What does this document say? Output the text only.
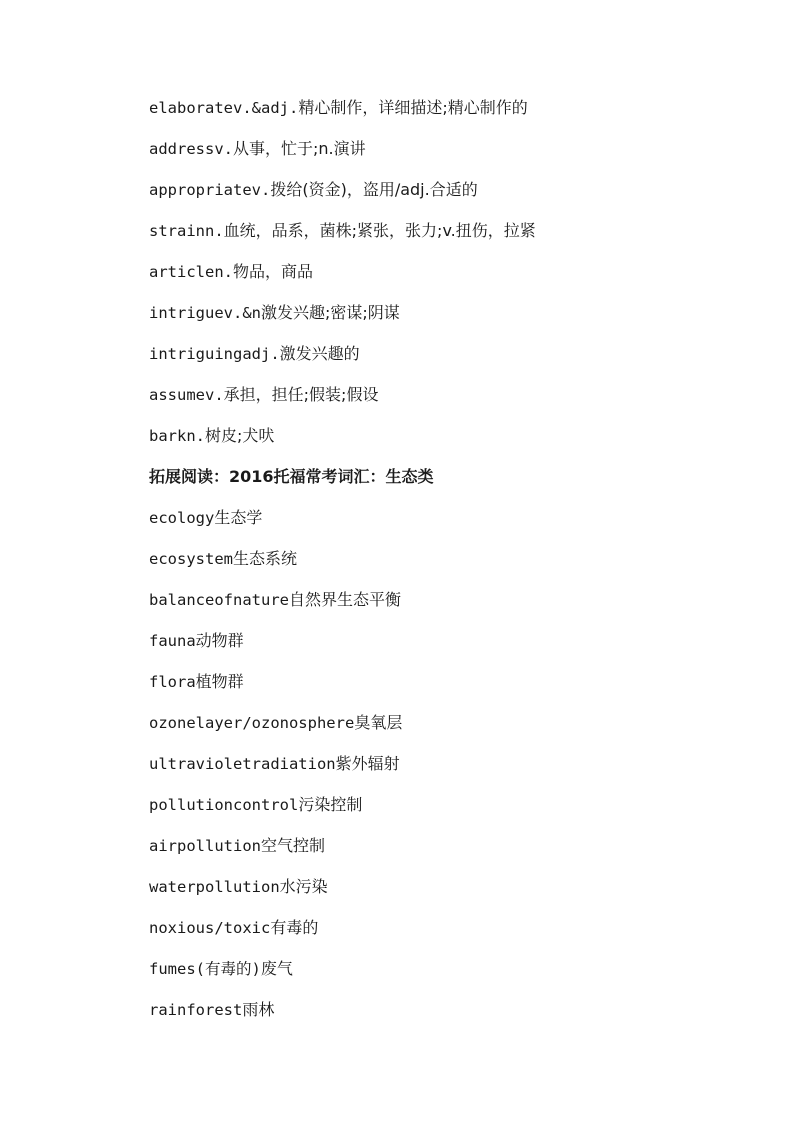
elaboratev.&adj.精心制作，详细描述;精心制作的
addressv.从事，忙于;n.演讲
appropriatev.拨给(资金)，盗用/adj.合适的
strainn.血统，品系，菌株;紧张，张力;v.扭伤，拉紧
articlen.物品，商品
intriguev.&n激发兴趣;密谋;阴谋
intriguingadj.激发兴趣的
assumev.承担，担任;假装;假设
barkn.树皮;犬吠
拓展阅读：2016托福常考词汇：生态类
ecology生态学
ecosystem生态系统
balanceofnature自然界生态平衡
fauna动物群
flora植物群
ozonelayer/ozonosphere臭氧层
ultravioletradiation紫外辐射
pollutioncontrol污染控制
airpollution空气控制
waterpollution水污染
noxious/toxic有毒的
fumes(有毒的)废气
rainforest雨林
